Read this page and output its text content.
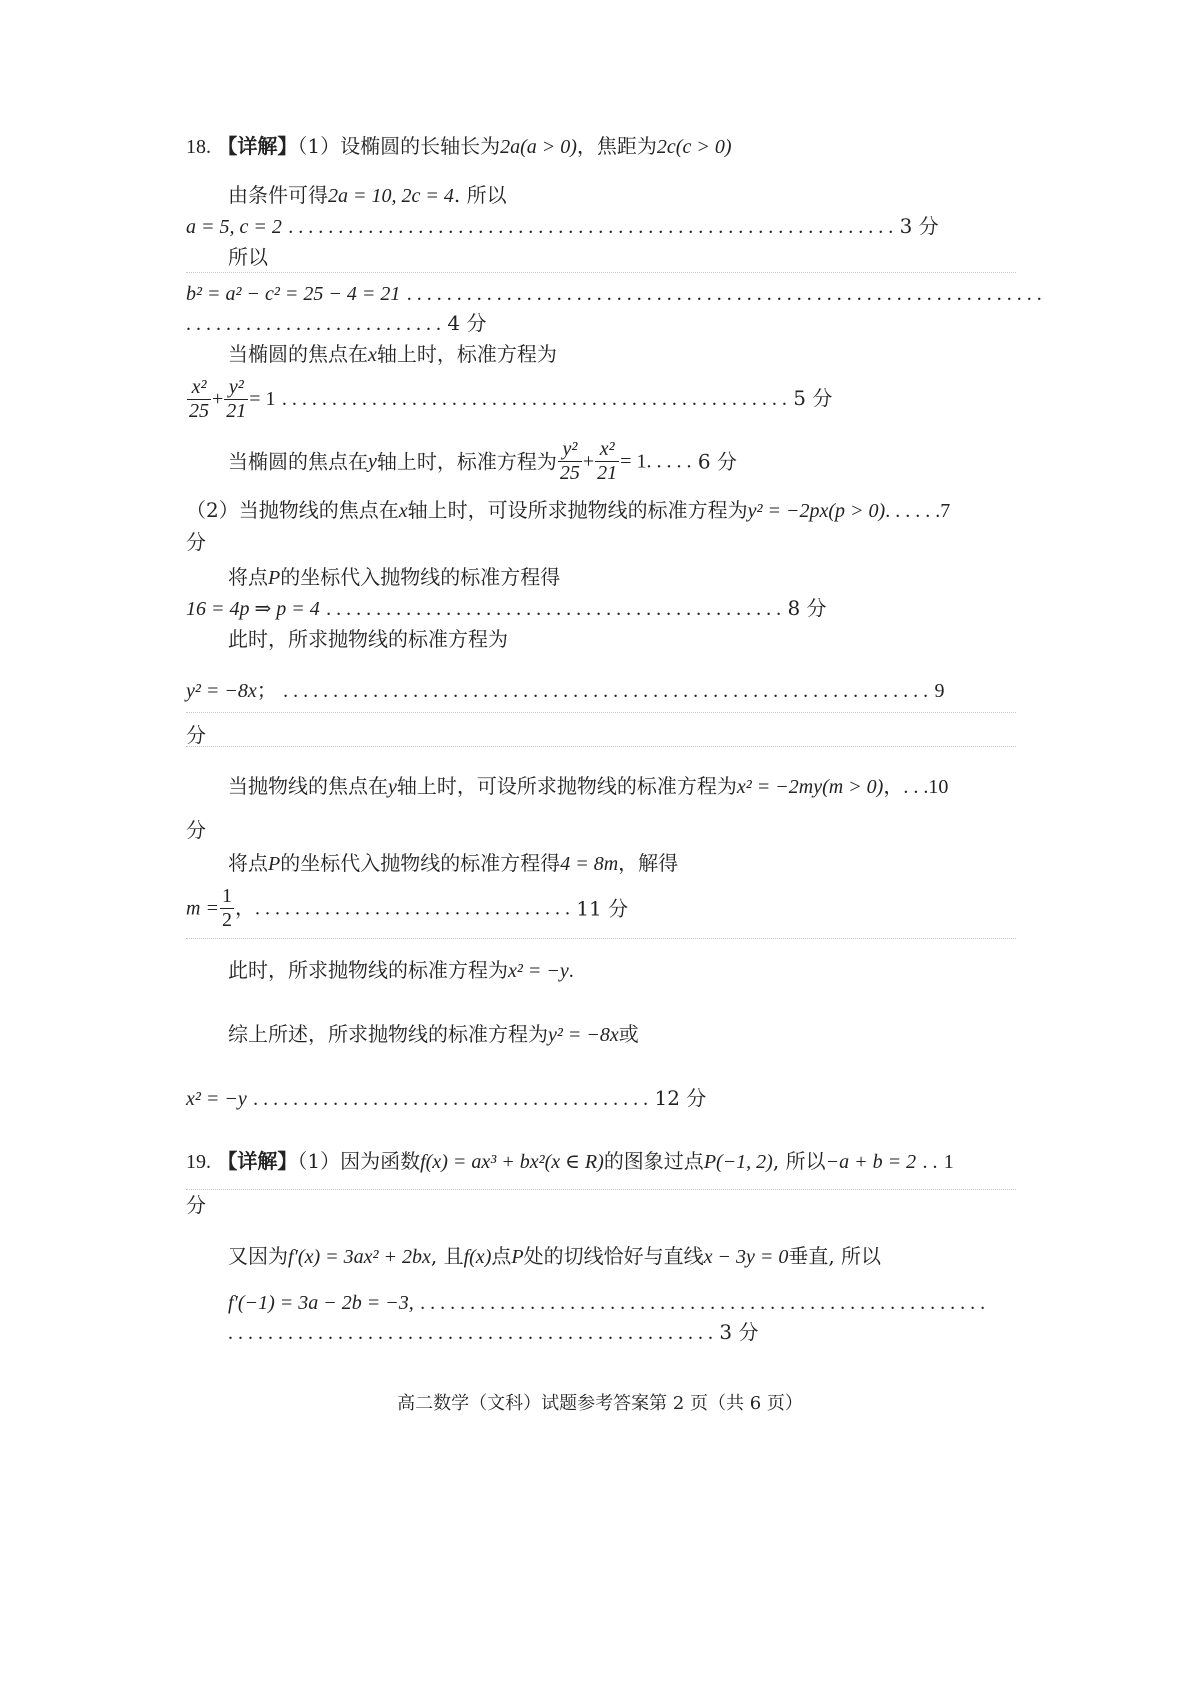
18. 【详解】（1）设椭圆的长轴长为2a(a > 0)，焦距为2c(c > 0)
由条件可得2a = 10, 2c = 4. 所以
a = 5, c = 2 . . . . . . . . . . . . . . . . . . . . . . . . . . . . . . . . . . . . . . . . . . . . . . . . . . . . . . . . . . . . . 3 分
所以
b² = a² − c² = 25 − 4 = 21 . . . . . . . . . . . . . . . . . . . . . . . . . . . . . . . . . . . . . . . . . . . . . . . . . . . . . . . . . . . . . . . .
. . . . . . . . . . . . . . . . . . . . . . . . . . 4 分
当椭圆的焦点在x轴上时，标准方程为
$\frac{\text{x²}}{25} + \frac{\text{y²}}{21} = 1$ . . . . . . . . . . . . . . . . . . . . . . . . . . . . . . . . . . . . . . . . . . . . . . . . . . . 5 分
当椭圆的焦点在y轴上时，标准方程为 $\frac{\text{y²}}{25} + \frac{\text{x²}}{21} = 1$. . . . . 6 分
（2）当抛物线的焦点在x轴上时，可设所求抛物线的标准方程为y² = −2px(p > 0). . . . . .7
分
将点P的坐标代入抛物线的标准方程得
16 = 4p ⇒ p = 4 . . . . . . . . . . . . . . . . . . . . . . . . . . . . . . . . . . . . . . . . . . . . . . 8 分
此时，所求抛物线的标准方程为
y² = −8x； . . . . . . . . . . . . . . . . . . . . . . . . . . . . . . . . . . . . . . . . . . . . . . . . . . . . . . . . . . . . . . . . . 9
分
当抛物线的焦点在y轴上时，可设所求抛物线的标准方程为x² = −2my(m > 0)，. . .10
分
将点P的坐标代入抛物线的标准方程得4 = 8m，解得
$m = \frac{1}{2}$ ，. . . . . . . . . . . . . . . . . . . . . . . . . . . . . . . . 11 分
此时，所求抛物线的标准方程为x² = −y.
综上所述，所求抛物线的标准方程为y² = −8x或
x² = −y . . . . . . . . . . . . . . . . . . . . . . . . . . . . . . . . . . . . . . . . 12 分
19. 【详解】（1）因为函数f(x) = ax³ + bx²(x ∈ R)的图象过点P(−1, 2), 所以−a + b = 2 . . 1
分
又因为f′(x) = 3ax² + 2bx, 且f(x)点P处的切线恰好与直线x − 3y = 0垂直, 所以
f′(−1) = 3a − 2b = −3, . . . . . . . . . . . . . . . . . . . . . . . . . . . . . . . . . . . . . . . . . . . . . . . . . . . . . . . . .
. . . . . . . . . . . . . . . . . . . . . . . . . . . . . . . . . . . . . . . . . . . . . . . . . 3 分
高二数学（文科）试题参考答案第 2 页（共 6 页）
